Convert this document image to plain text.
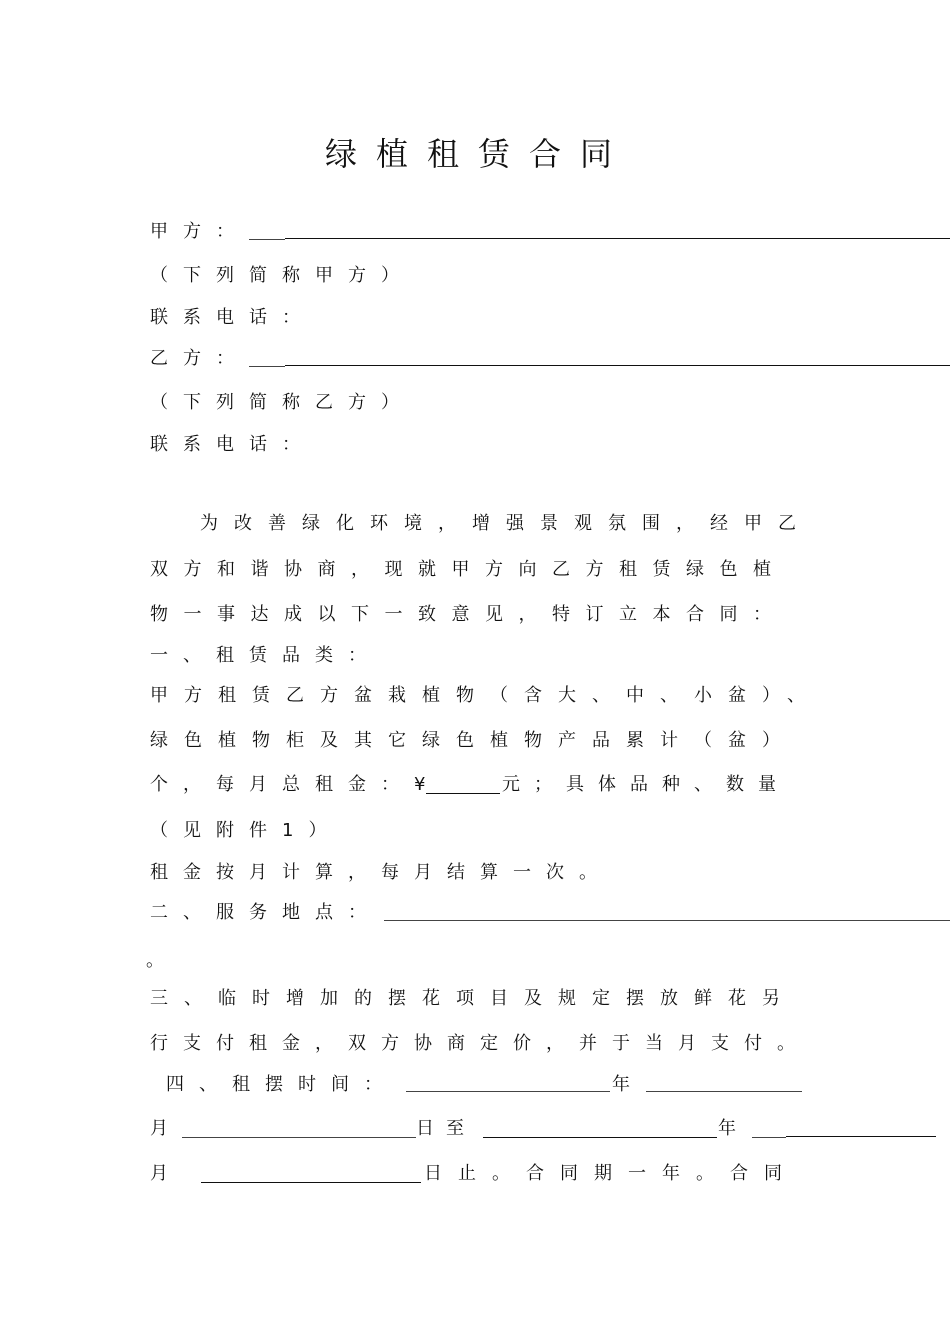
绿植租赁合同
甲方：
（下列简称甲方）
联系电话：
乙方：
（下列简称乙方）
联系电话：
为改善绿化环境，增强景观氛围，经甲乙
双方和谐协商，现就甲方向乙方租赁绿色植
物一事达成以下一致意见，特订立本合同：
一、租赁品类：
甲方租赁乙方盆栽植物（含大、中、小盆）、
绿色植物柜及其它绿色植物产品累计（盆）
个，每月总租金：¥	元；具体品种、数量
（见附件1）
租金按月计算，每月结算一次。
二、服务地点：
。
三、临时增加的摆花项目及规定摆放鲜花另
行支付租金，双方协商定价，并于当月支付。
四、租摆时间：	年
月	日至	年
月	日止。合同期一年。合同
